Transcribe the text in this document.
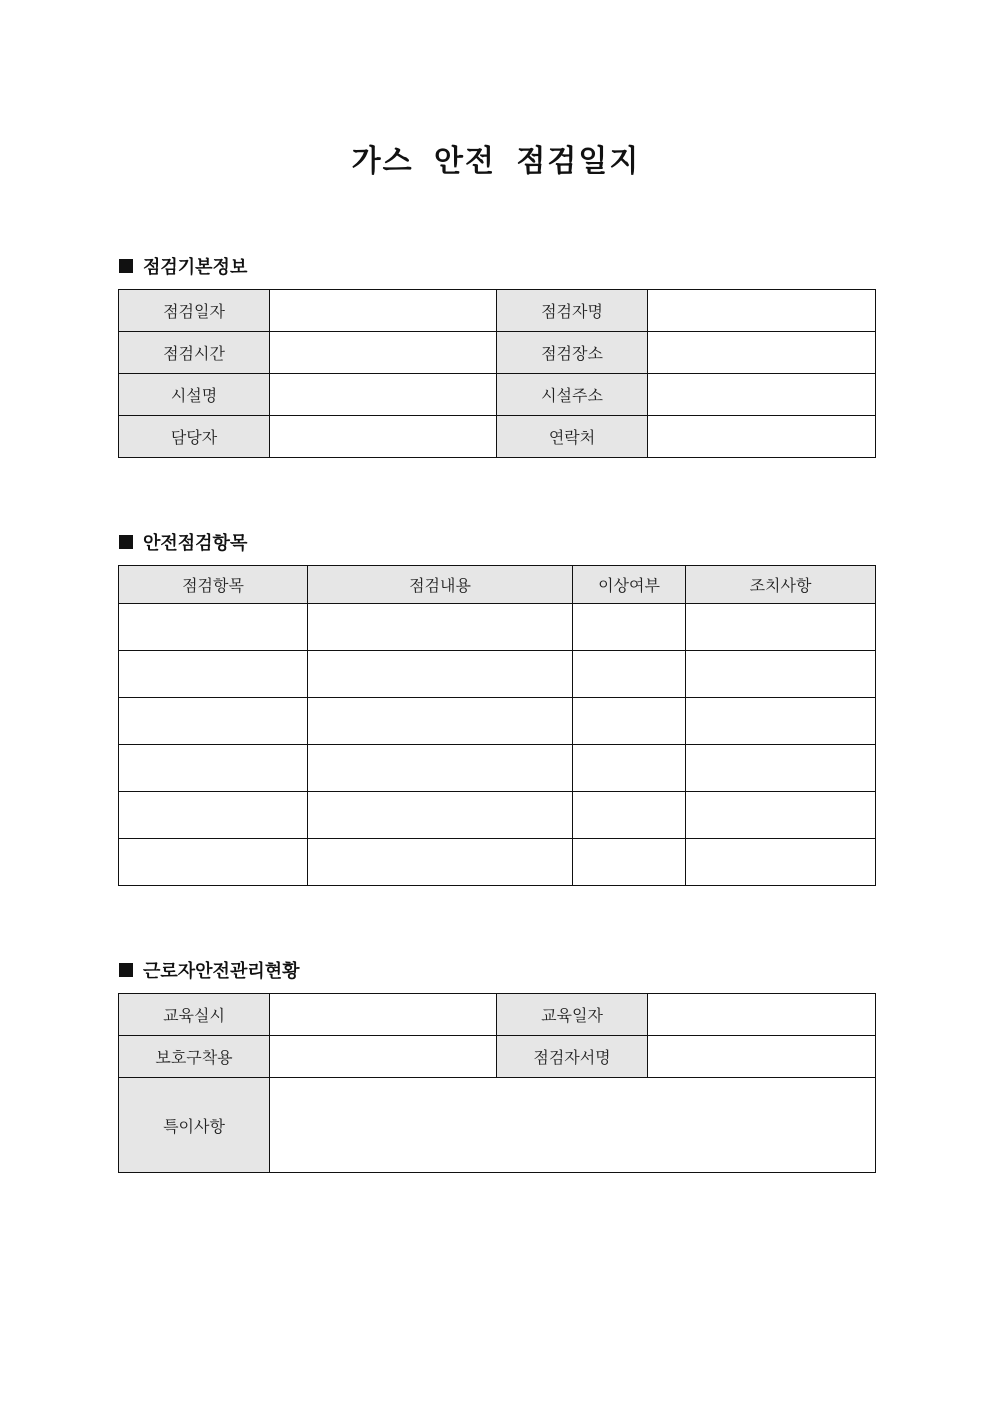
가스 안전 점검일지
점검기본정보
점검일자		점검자명	
점검시간		점검장소	
시설명		시설주소	
담당자		연락처	
안전점검항목
점검항목	점검내용	이상여부	조치사항

근로자안전관리현황
교육실시		교육일자	
보호구착용		점검자서명	
특이사항			
